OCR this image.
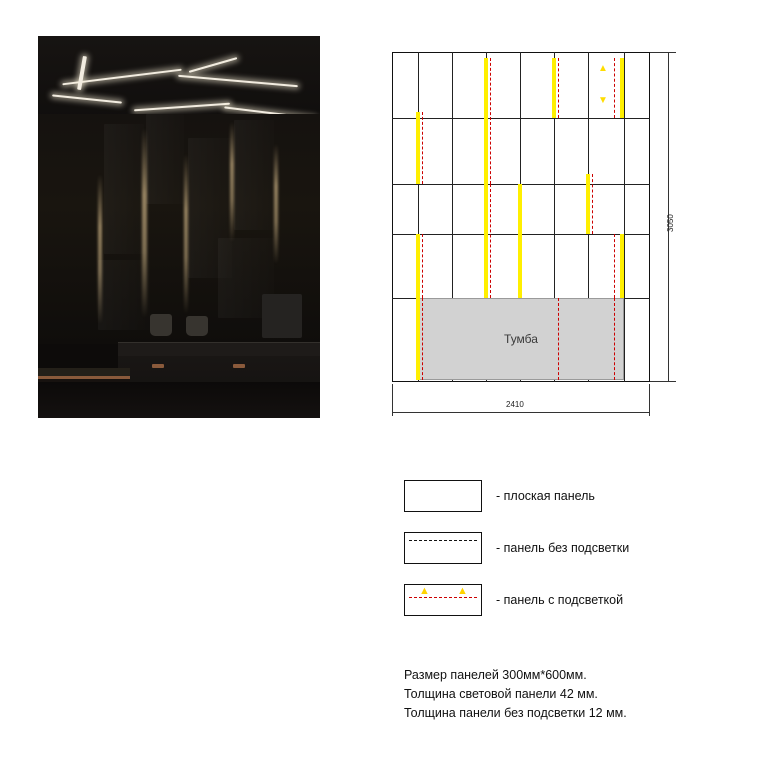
Тумба
▲
▼
3050
2410
- плоская панель
- панель без подсветки
▲ ▲
- панель с подсветкой
Размер панелей 300мм*600мм.
Толщина световой панели 42 мм.
Толщина панели без подсветки 12 мм.
